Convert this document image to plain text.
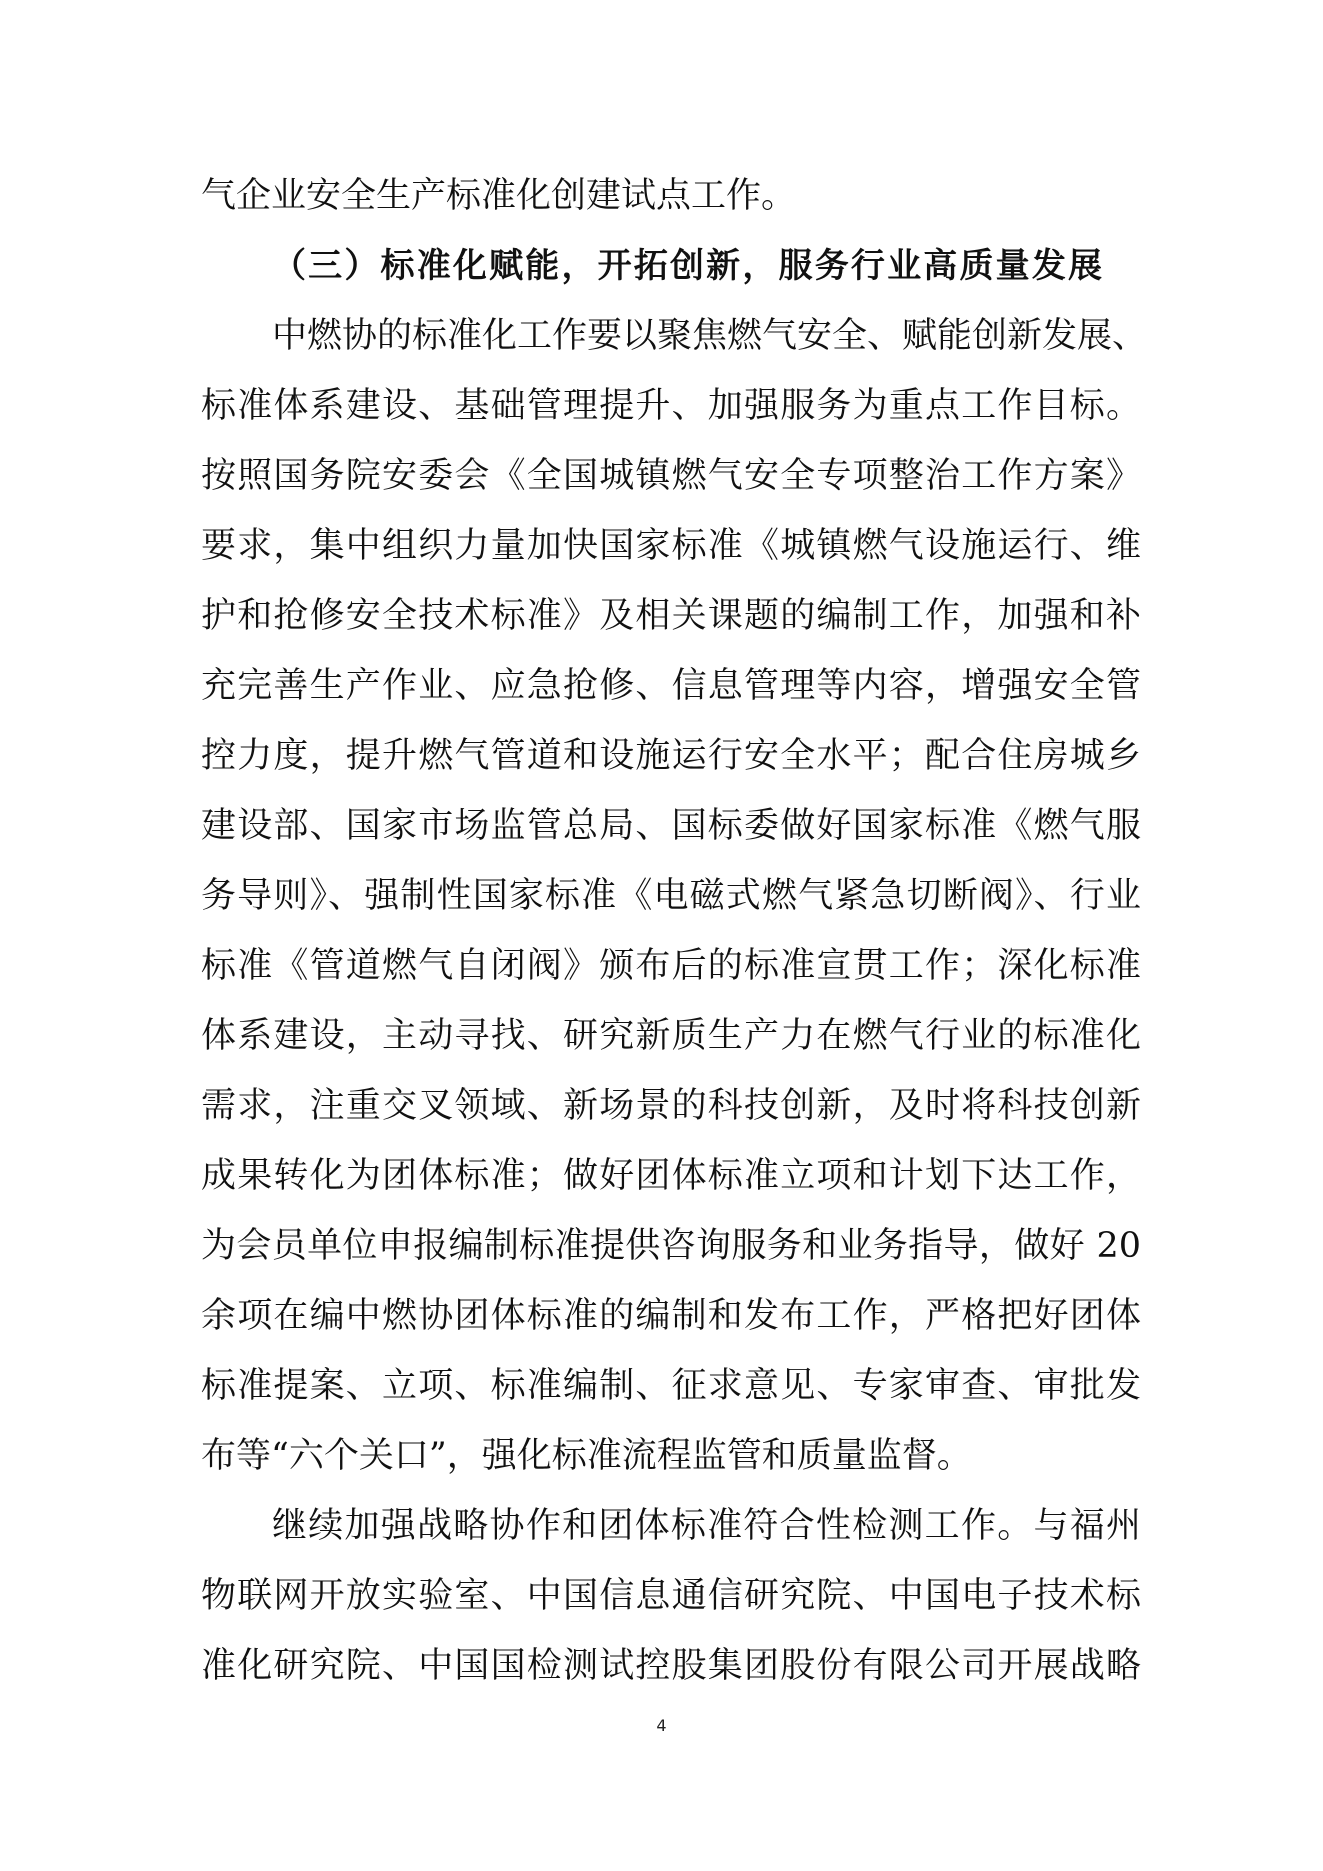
气企业安全生产标准化创建试点工作。
（三）标准化赋能，开拓创新，服务行业高质量发展
中燃协的标准化工作要以聚焦燃气安全、赋能创新发展、
标准体系建设、基础管理提升、加强服务为重点工作目标。
按照国务院安委会《全国城镇燃气安全专项整治工作方案》
要求，集中组织力量加快国家标准《城镇燃气设施运行、维
护和抢修安全技术标准》及相关课题的编制工作，加强和补
充完善生产作业、应急抢修、信息管理等内容，增强安全管
控力度，提升燃气管道和设施运行安全水平；配合住房城乡
建设部、国家市场监管总局、国标委做好国家标准《燃气服
务导则》、强制性国家标准《电磁式燃气紧急切断阀》、行业
标准《管道燃气自闭阀》颁布后的标准宣贯工作；深化标准
体系建设，主动寻找、研究新质生产力在燃气行业的标准化
需求，注重交叉领域、新场景的科技创新，及时将科技创新
成果转化为团体标准；做好团体标准立项和计划下达工作，
为会员单位申报编制标准提供咨询服务和业务指导，做好 20
余项在编中燃协团体标准的编制和发布工作，严格把好团体
标准提案、立项、标准编制、征求意见、专家审查、审批发
布等“六个关口”，强化标准流程监管和质量监督。
继续加强战略协作和团体标准符合性检测工作。与福州
物联网开放实验室、中国信息通信研究院、中国电子技术标
准化研究院、中国国检测试控股集团股份有限公司开展战略
4
